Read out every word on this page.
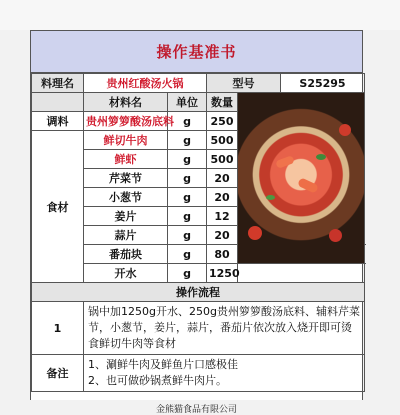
操作基准书
料理名	贵州红酸汤火锅		型号		S25295	
	材料名	单位	数量			

调料	贵州箩箩酸汤底料	g	250			
食材	鲜切牛肉	g	500			
	鲜虾	g	500			
	芹菜节	g	20			
	小葱节	g	20			
	姜片	g	12			
	蒜片	g	20			
	番茄块	g	80			
	开水	g	1250			
操作流程						
1	锅中加1250g开水、250g贵州箩箩酸汤底料、辅料芹菜节，小葱节，姜片，蒜片，番茄片依次放入烧开即可烫食鲜切牛肉等食材					
备注	1、涮鲜牛肉及鲜鱼片口感极佳
2、也可做砂锅煮鲜牛肉片。					
金熊猫食品有限公司
